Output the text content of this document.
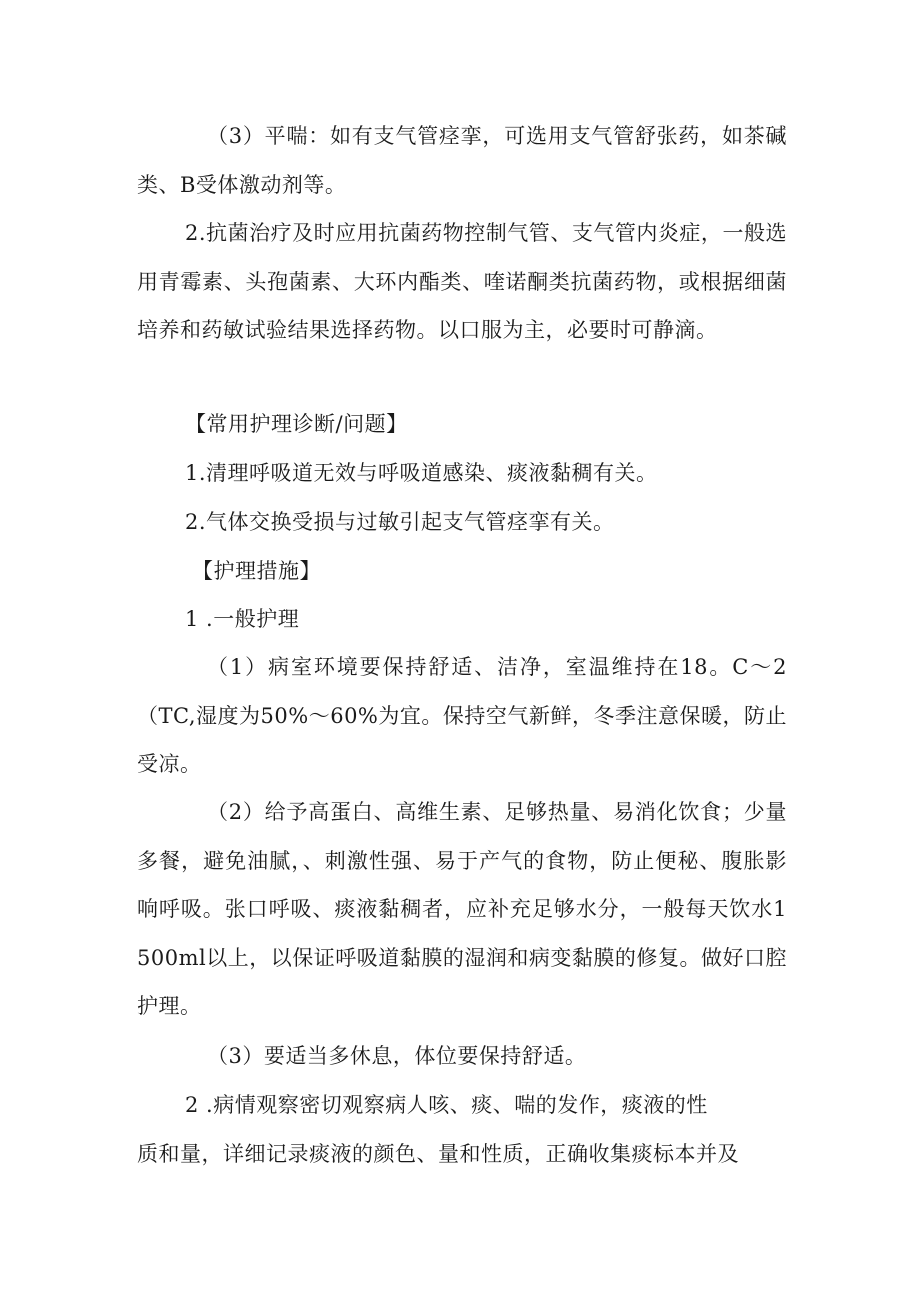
（3）平喘：如有支气管痉挛，可选用支气管舒张药，如茶碱类、B受体激动剂等。

2.抗菌治疗及时应用抗菌药物控制气管、支气管内炎症，一般选用青霉素、头孢菌素、大环内酯类、喹诺酮类抗菌药物，或根据细菌培养和药敏试验结果选择药物。以口服为主，必要时可静滴。

【常用护理诊断/问题】

1.清理呼吸道无效与呼吸道感染、痰液黏稠有关。

2.气体交换受损与过敏引起支气管痉挛有关。

【护理措施】

1 .一般护理

（1）病室环境要保持舒适、洁净，室温维持在18。C～2（TC,湿度为50%～60%为宜。保持空气新鲜，冬季注意保暖，防止受凉。

（2）给予高蛋白、高维生素、足够热量、易消化饮食；少量多餐，避免油腻，、刺激性强、易于产气的食物，防止便秘、腹胀影响呼吸。张口呼吸、痰液黏稠者，应补充足够水分，一般每天饮水1500ml以上，以保证呼吸道黏膜的湿润和病变黏膜的修复。做好口腔护理。

（3）要适当多休息，体位要保持舒适。

2 .病情观察密切观察病人咳、痰、喘的发作，痰液的性

质和量，详细记录痰液的颜色、量和性质，正确收集痰标本并及
